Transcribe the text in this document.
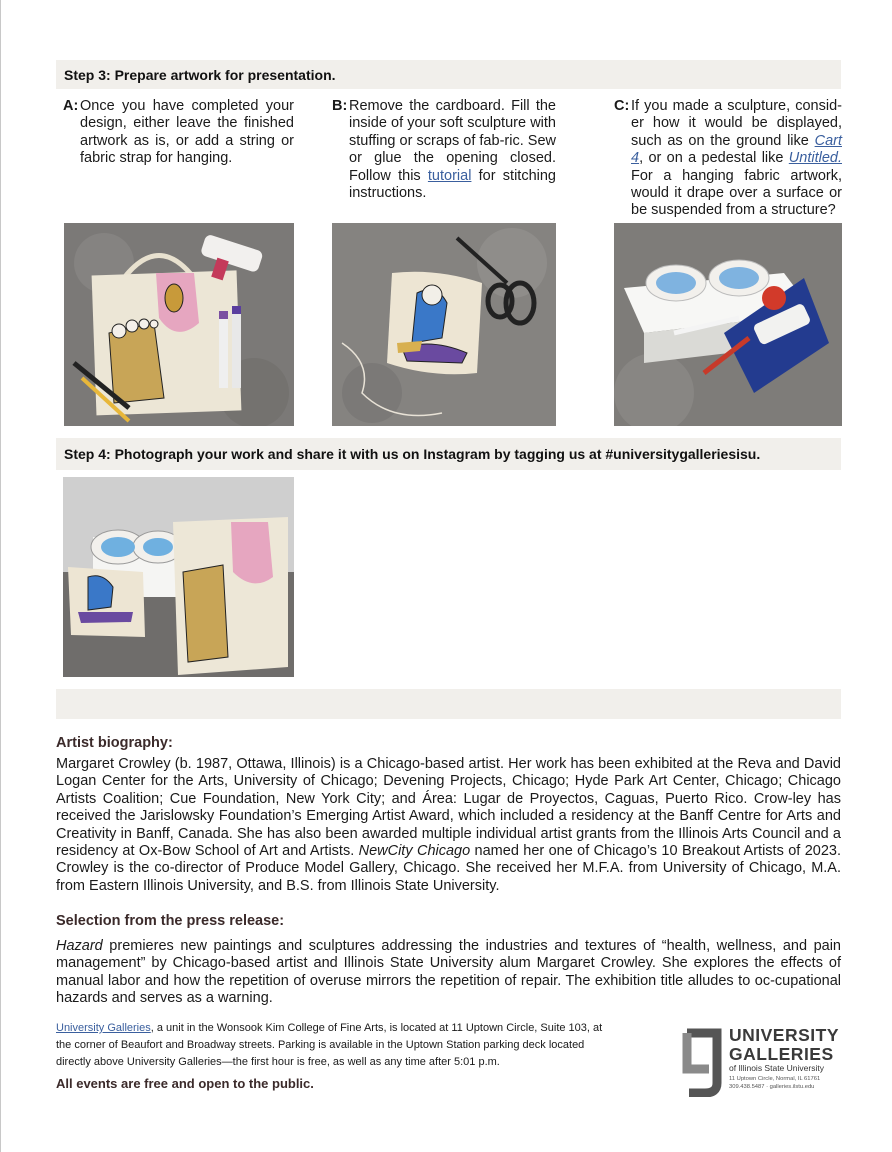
Step 3: Prepare artwork for presentation.
A: Once you have completed your design, either leave the finished artwork as is, or add a string or fabric strap for hanging.
B: Remove the cardboard. Fill the inside of your soft sculpture with stuffing or scraps of fab-ric. Sew or glue the opening closed. Follow this tutorial for stitching instructions.
C: If you made a sculpture, consid-er how it would be displayed, such as on the ground like Cart 4, or on a pedestal like Untitled. For a hanging fabric artwork, would it drape over a surface or be suspended from a structure?
Step 4: Photograph your work and share it with us on Instagram by tagging us at #universitygalleriesisu.
Artist biography:

Margaret Crowley (b. 1987, Ottawa, Illinois) is a Chicago-based artist. Her work has been exhibited at the Reva and David Logan Center for the Arts, University of Chicago; Devening Projects, Chicago; Hyde Park Art Center, Chicago; Chicago Artists Coalition; Cue Foundation, New York City; and Área: Lugar de Proyectos, Caguas, Puerto Rico. Crow-ley has received the Jarislowsky Foundation’s Emerging Artist Award, which included a residency at the Banff Centre for Arts and Creativity in Banff, Canada. She has also been awarded multiple individual artist grants from the Illinois Arts Council and a residency at Ox-Bow School of Art and Artists. NewCity Chicago named her one of Chicago’s 10 Breakout Artists of 2023. Crowley is the co-director of Produce Model Gallery, Chicago. She received her M.F.A. from University of Chicago, M.A. from Eastern Illinois University, and B.S. from Illinois State University.

Selection from the press release:

Hazard premieres new paintings and sculptures addressing the industries and textures of “health, wellness, and pain management” by Chicago-based artist and Illinois State University alum Margaret Crowley. She explores the effects of manual labor and how the repetition of overuse mirrors the repetition of repair. The exhibition title alludes to oc-cupational hazards and serves as a warning.

University Galleries, a unit in the Wonsook Kim College of Fine Arts, is located at 11 Uptown Circle, Suite 103, at the corner of Beaufort and Broadway streets. Parking is available in the Uptown Station parking deck located directly above University Galleries—the first hour is free, as well as any time after 5:01 p.m.

All events are free and open to the public.
UNIVERSITY
GALLERIES
of Illinois State University
11 Uptown Circle, Normal, IL 61761
309.438.5487 · galleries.ilstu.edu
